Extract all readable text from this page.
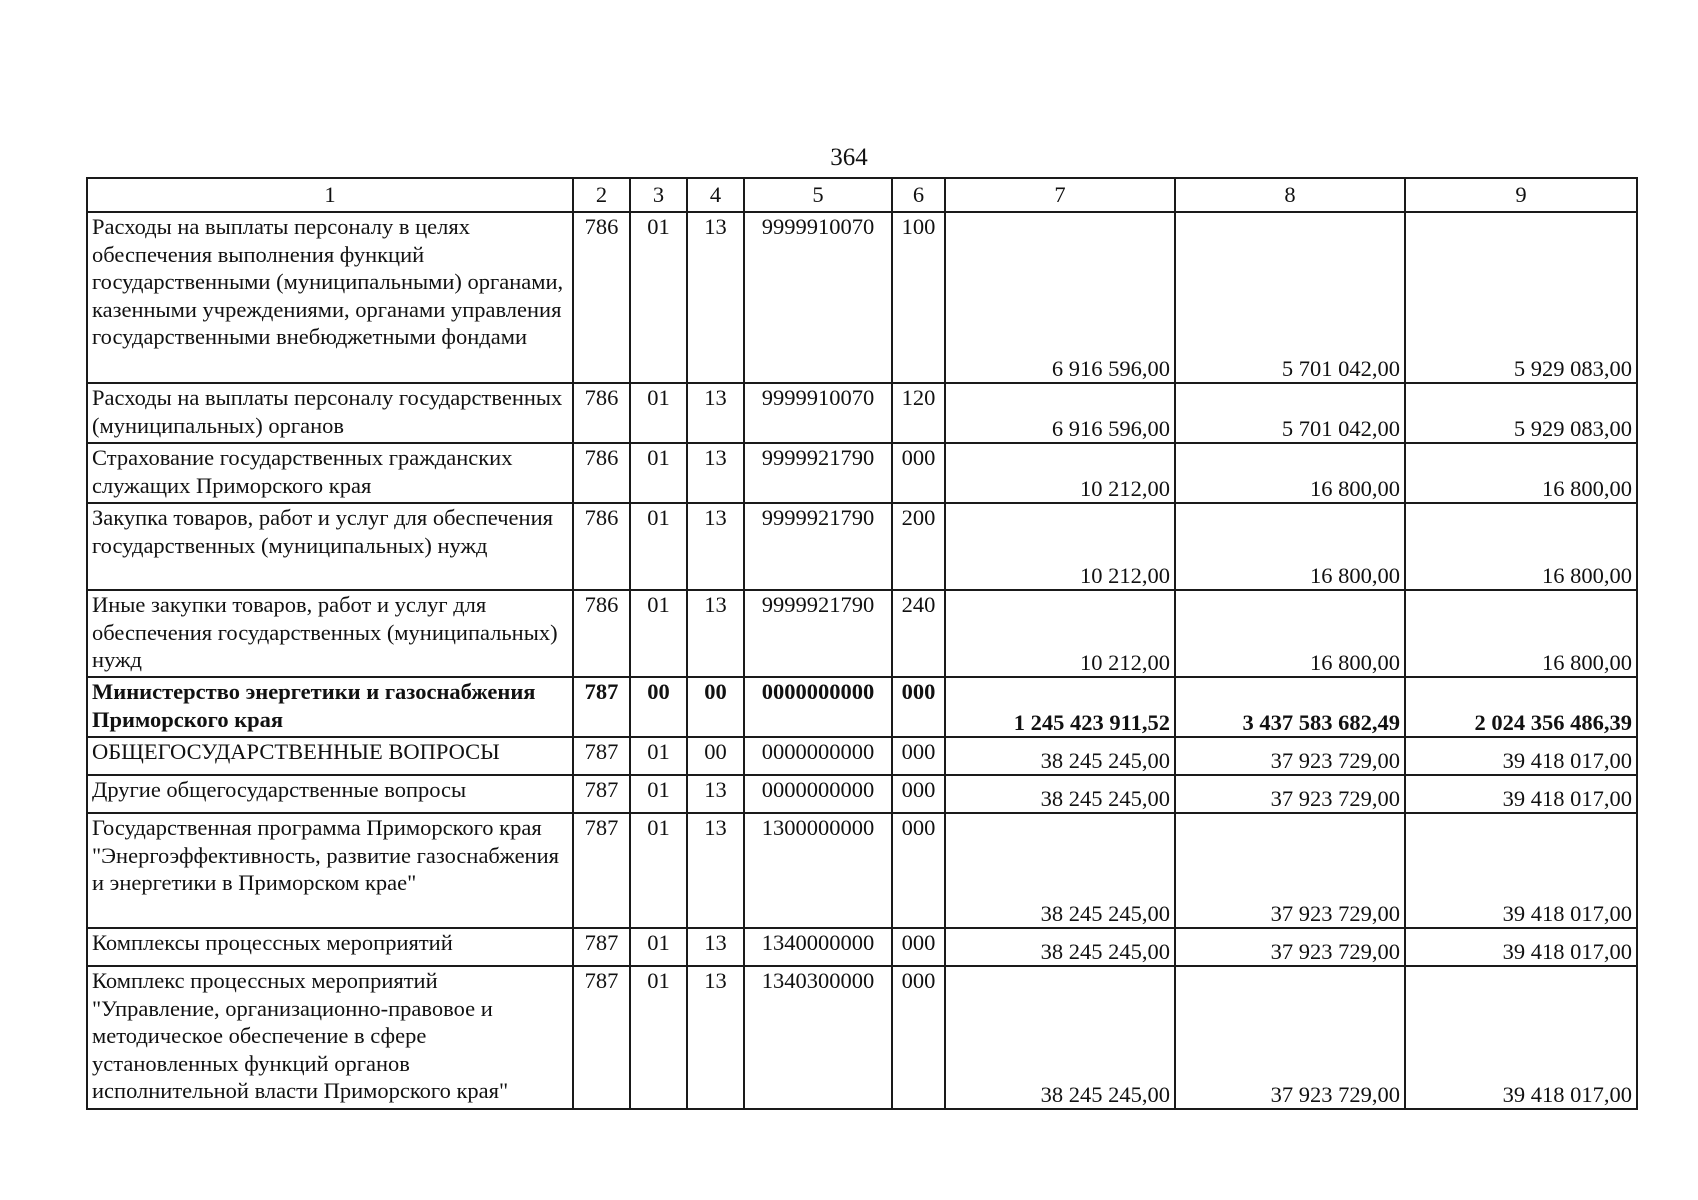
364
1	2	3	4	5	6	7	8	9
Расходы на выплаты персоналу в целях обеспечения выполнения функций государственными (муниципальными) органами, казенными учреждениями, органами управления государственными внебюджетными фондами	786	01	13	9999910070	100	6 916 596,00	5 701 042,00	5 929 083,00
Расходы на выплаты персоналу государственных (муниципальных) органов	786	01	13	9999910070	120	6 916 596,00	5 701 042,00	5 929 083,00
Страхование государственных гражданских служащих Приморского края	786	01	13	9999921790	000	10 212,00	16 800,00	16 800,00
Закупка товаров, работ и услуг для обеспечения государственных (муниципальных) нужд	786	01	13	9999921790	200	10 212,00	16 800,00	16 800,00
Иные закупки товаров, работ и услуг для обеспечения государственных (муниципальных) нужд	786	01	13	9999921790	240	10 212,00	16 800,00	16 800,00
Министерство энергетики и газоснабжения Приморского края	787	00	00	0000000000	000	1 245 423 911,52	3 437 583 682,49	2 024 356 486,39
ОБЩЕГОСУДАРСТВЕННЫЕ ВОПРОСЫ	787	01	00	0000000000	000	38 245 245,00	37 923 729,00	39 418 017,00
Другие общегосударственные вопросы	787	01	13	0000000000	000	38 245 245,00	37 923 729,00	39 418 017,00
Государственная программа Приморского края "Энергоэффективность, развитие газоснабжения и энергетики в Приморском крае"	787	01	13	1300000000	000	38 245 245,00	37 923 729,00	39 418 017,00
Комплексы процессных мероприятий	787	01	13	1340000000	000	38 245 245,00	37 923 729,00	39 418 017,00
Комплекс процессных мероприятий "Управление, организационно-правовое и методическое обеспечение в сфере установленных функций органов исполнительной власти Приморского края"	787	01	13	1340300000	000	38 245 245,00	37 923 729,00	39 418 017,00
